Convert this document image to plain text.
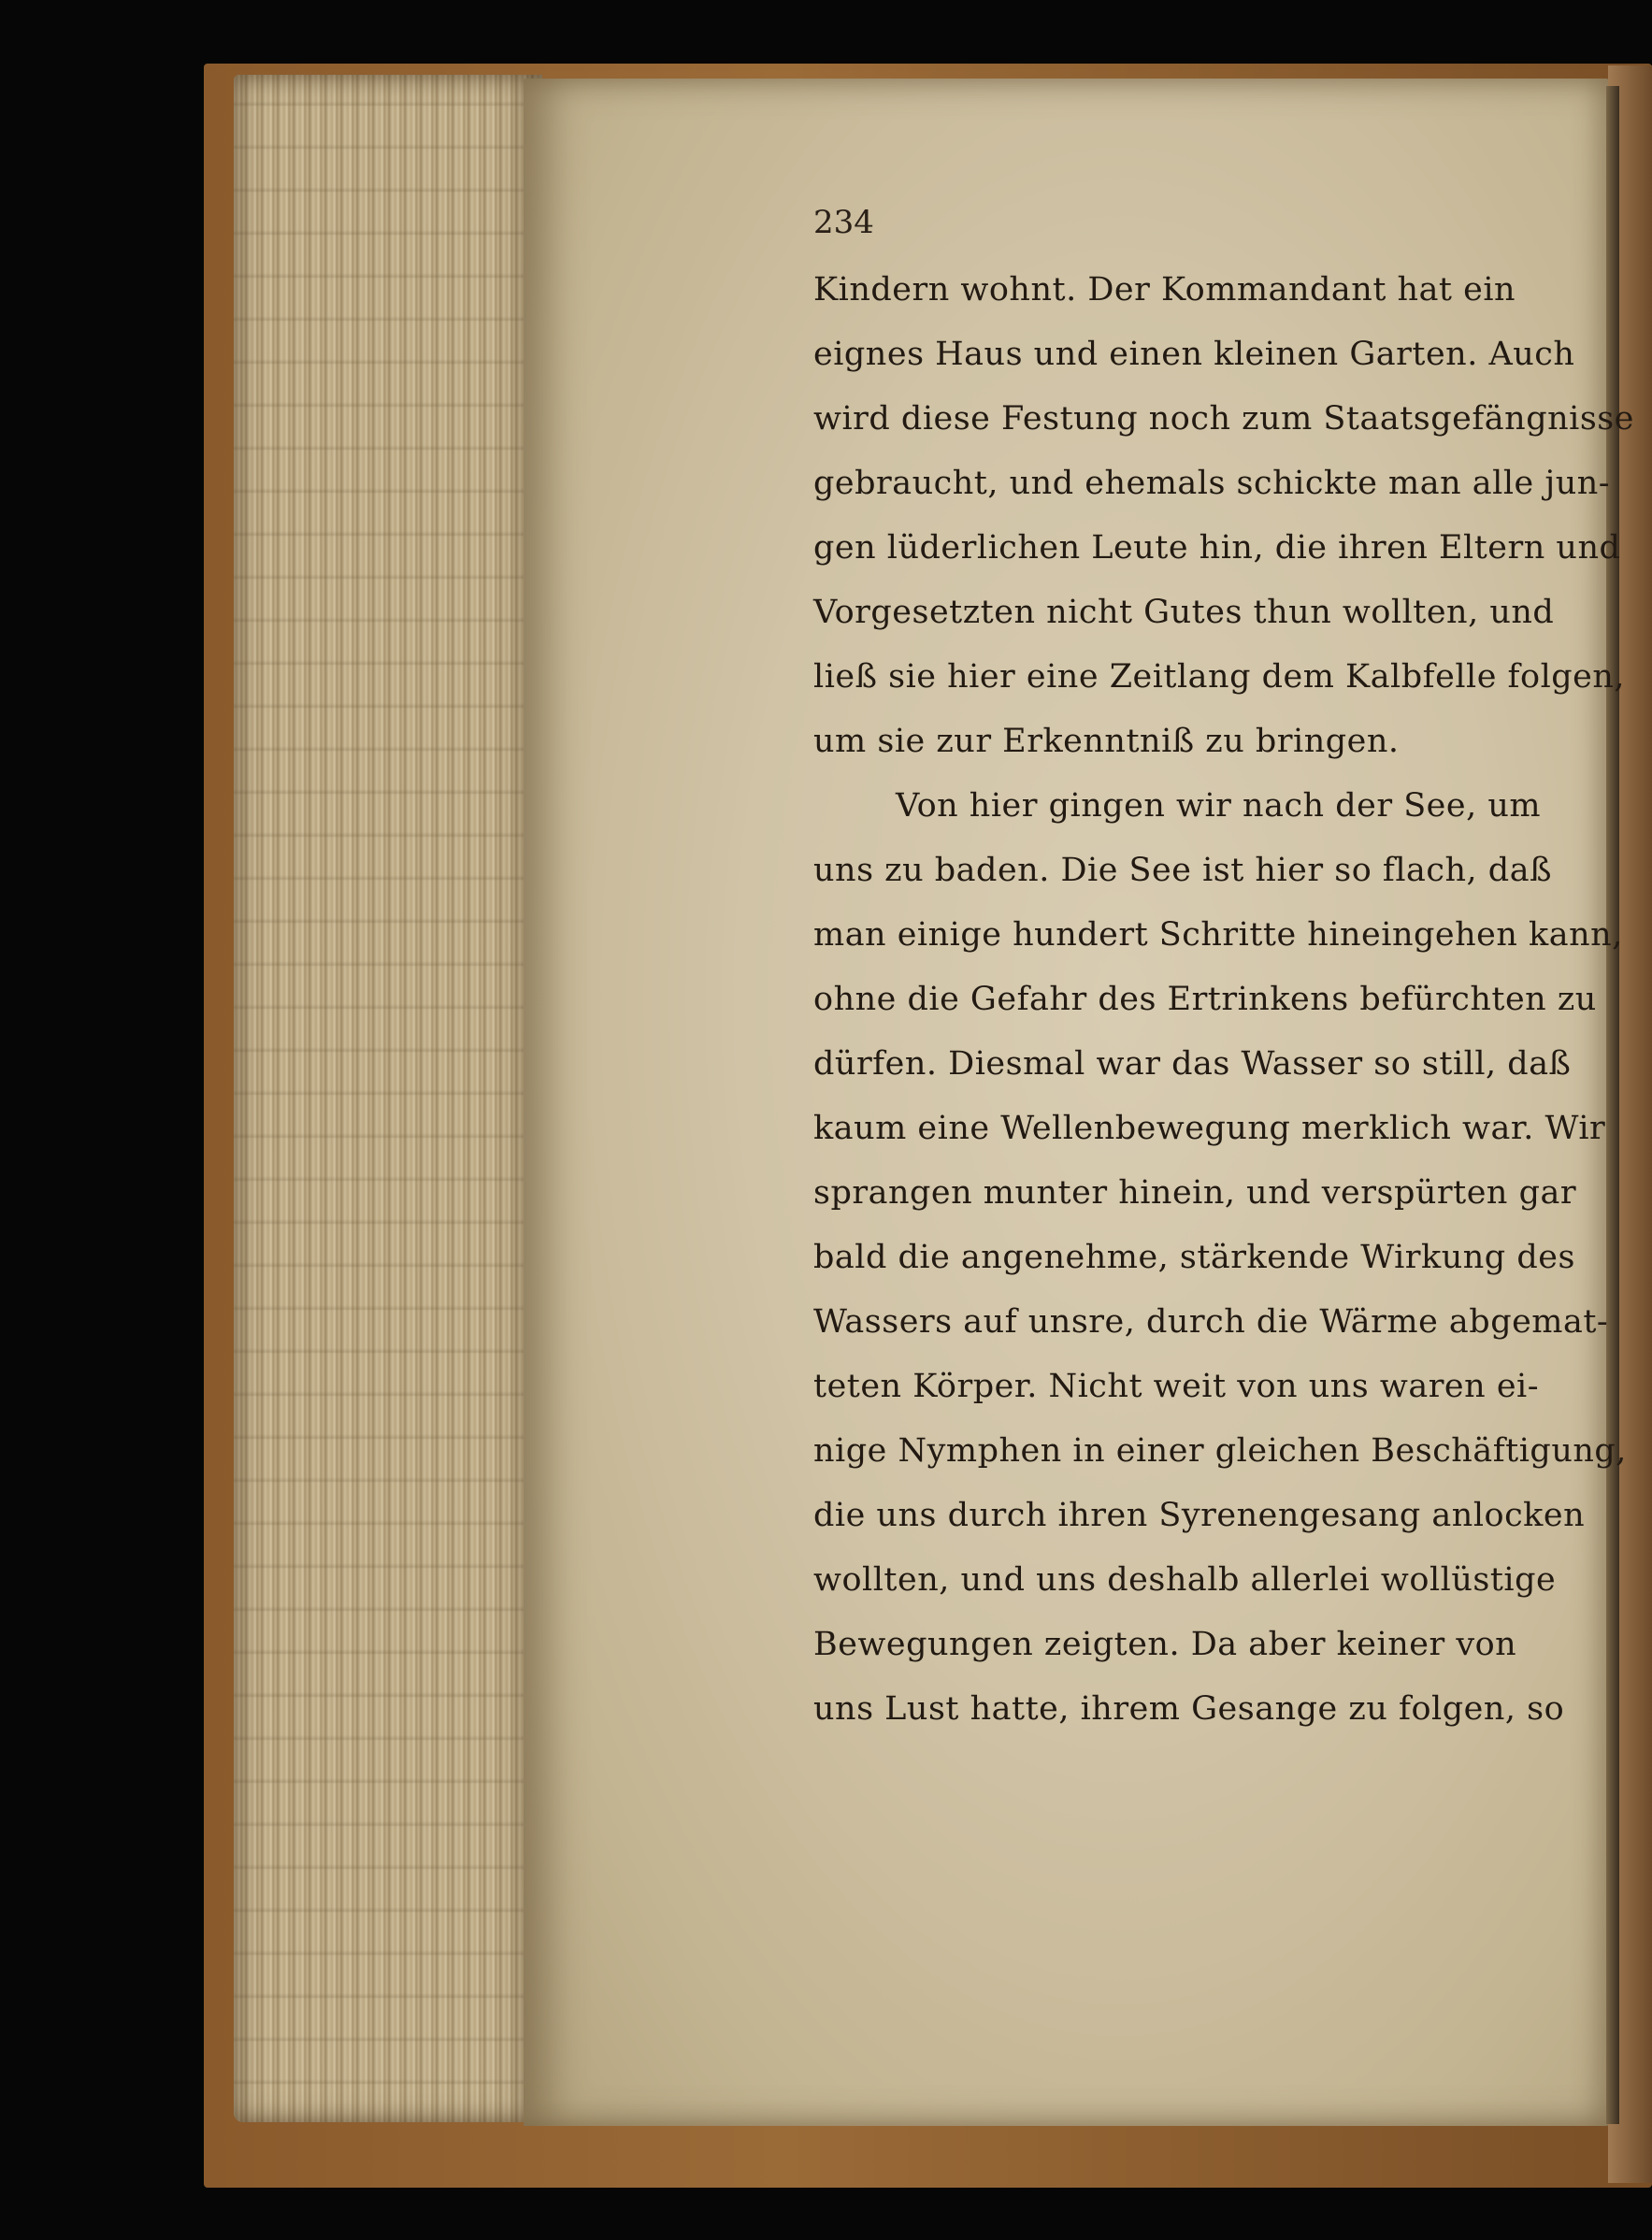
234
Kindern wohnt. Der Kommandant hat ein
eignes Haus und einen kleinen Garten. Auch
wird diese Festung noch zum Staatsgefängnisse
gebraucht, und ehemals schickte man alle jun-
gen lüderlichen Leute hin, die ihren Eltern und
Vorgesetzten nicht Gutes thun wollten, und
ließ sie hier eine Zeitlang dem Kalbfelle folgen,
um sie zur Erkenntniß zu bringen.
Von hier gingen wir nach der See, um
uns zu baden. Die See ist hier so flach, daß
man einige hundert Schritte hineingehen kann,
ohne die Gefahr des Ertrinkens befürchten zu
dürfen. Diesmal war das Wasser so still, daß
kaum eine Wellenbewegung merklich war. Wir
sprangen munter hinein, und verspürten gar
bald die angenehme, stärkende Wirkung des
Wassers auf unsre, durch die Wärme abgemat-
teten Körper. Nicht weit von uns waren ei-
nige Nymphen in einer gleichen Beschäftigung,
die uns durch ihren Syrenengesang anlocken
wollten, und uns deshalb allerlei wollüstige
Bewegungen zeigten. Da aber keiner von
uns Lust hatte, ihrem Gesange zu folgen, so
